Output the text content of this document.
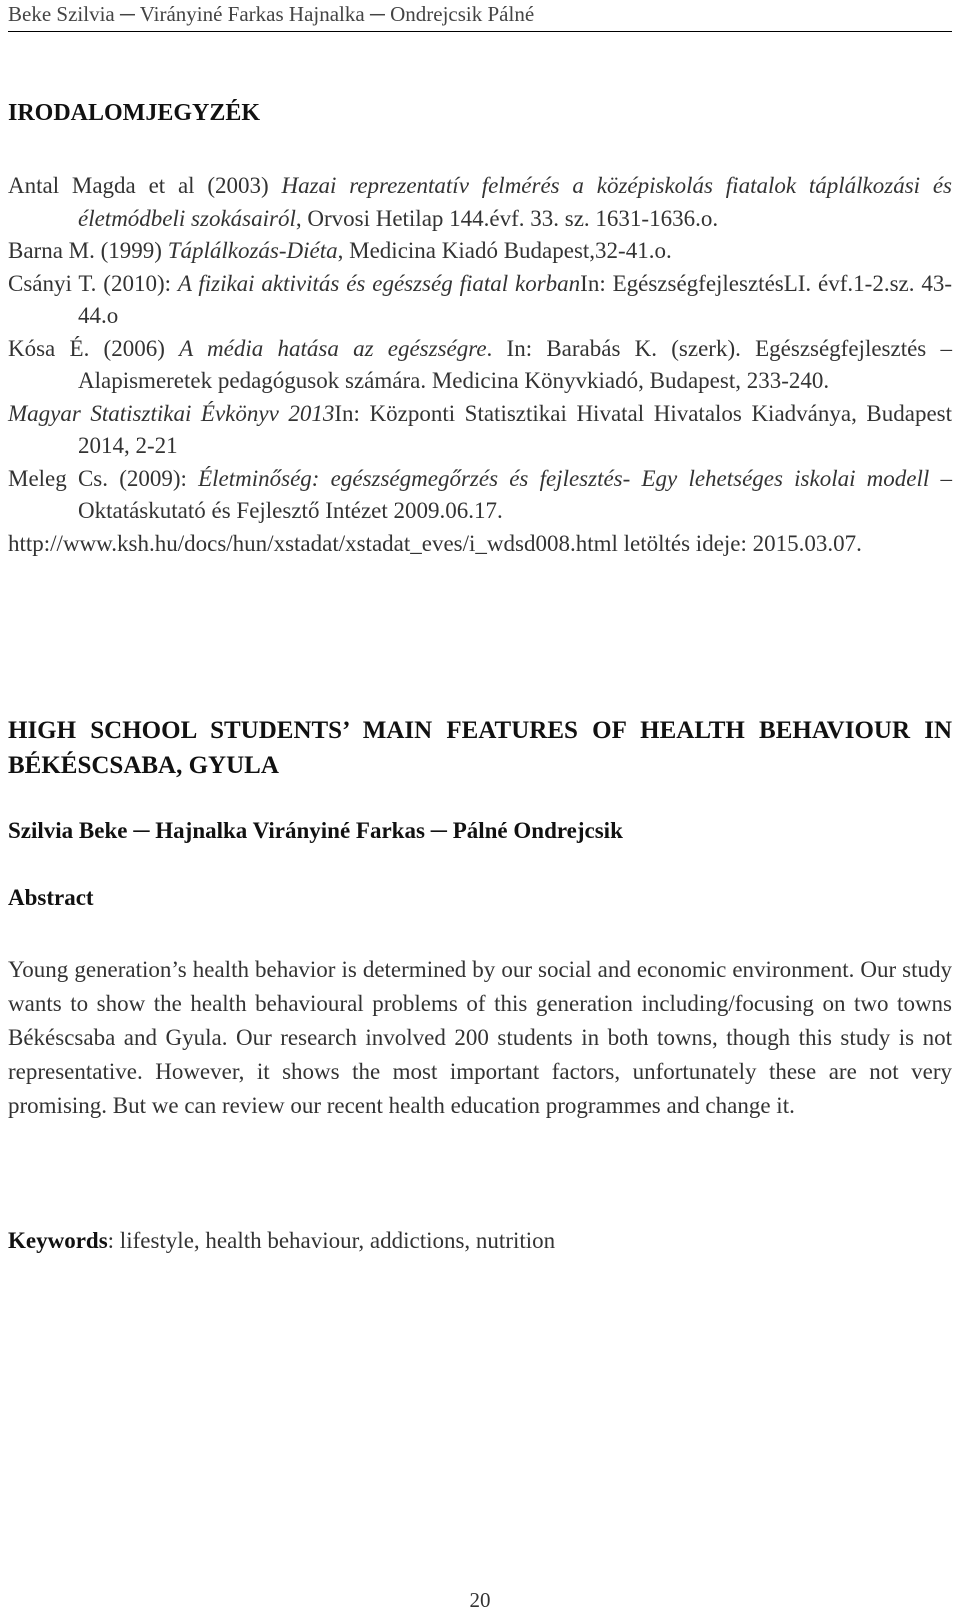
Beke Szilvia ─ Virányiné Farkas Hajnalka ─ Ondrejcsik Pálné
IRODALOMJEGYZÉK

Antal Magda et al (2003) Hazai reprezentatív felmérés a középiskolás fiatalok táplálkozási és életmódbeli szokásairól, Orvosi Hetilap 144.évf. 33. sz. 1631-1636.o.

Barna M. (1999) Táplálkozás-Diéta, Medicina Kiadó Budapest,32-41.o.

Csányi T. (2010): A fizikai aktivitás és egészség fiatal korbanIn: EgészségfejlesztésLI. évf.1-2.sz. 43-44.o

Kósa É. (2006) A média hatása az egészségre. In: Barabás K. (szerk). Egészségfejlesztés – Alapismeretek pedagógusok számára. Medicina Könyvkiadó, Budapest, 233-240.

Magyar Statisztikai Évkönyv 2013In: Központi Statisztikai Hivatal Hivatalos Kiadványa, Budapest 2014, 2-21

Meleg Cs. (2009): Életminőség: egészségmegőrzés és fejlesztés- Egy lehetséges iskolai modell – Oktatáskutató és Fejlesztő Intézet 2009.06.17.

http://www.ksh.hu/docs/hun/xstadat/xstadat_eves/i_wdsd008.html letöltés ideje: 2015.03.07.

HIGH SCHOOL STUDENTS’ MAIN FEATURES OF HEALTH BEHAVIOUR IN BÉKÉSCSABA, GYULA

Szilvia Beke ─ Hajnalka Virányiné Farkas ─ Pálné Ondrejcsik

Abstract

Young generation’s health behavior is determined by our social and economic environment. Our study wants to show the health behavioural problems of this generation including/focusing on two towns Békéscsaba and Gyula. Our research involved 200 students in both towns, though this study is not representative. However, it shows the most important factors, unfortunately these are not very promising. But we can review our recent health education programmes and change it.

Keywords: lifestyle, health behaviour, addictions, nutrition

20
